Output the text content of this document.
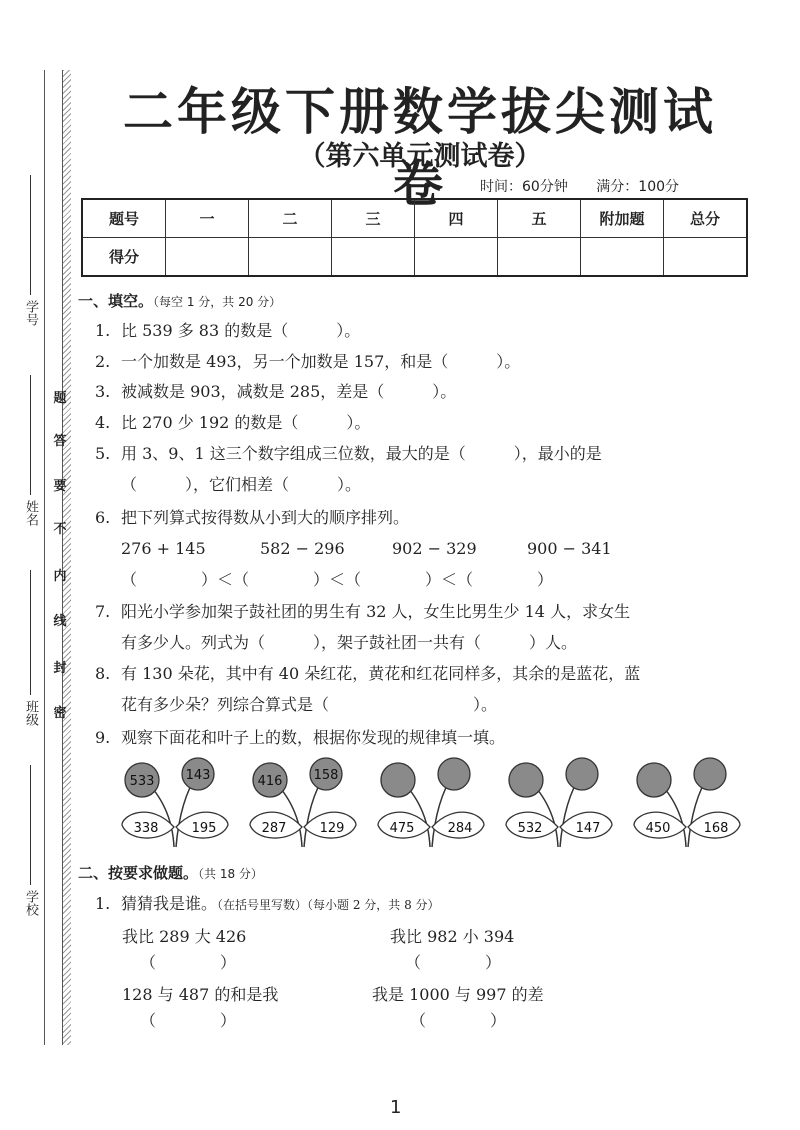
学号
姓名
班级
学校
题
答
要
不
内
线
封
密
二年级下册数学拔尖测试卷
（第六单元测试卷）
时间：60分钟 满分：100分
题号	一	二	三	四	五	附加题	总分
得分							
一、填空。（每空 1 分，共 20 分）
1. 比 539 多 83 的数是（　　　）。
2. 一个加数是 493，另一个加数是 157，和是（　　　）。
3. 被减数是 903，减数是 285，差是（　　　）。
4. 比 270 少 192 的数是（　　　）。
5. 用 3、9、1 这三个数字组成三位数，最大的是（　　　），最小的是
（　　　），它们相差（　　　）。
6. 把下列算式按得数从小到大的顺序排列。
276 + 145	582 − 296	902 − 329	900 − 341
（　　　　）＜（　　　　）＜（　　　　）＜（　　　　）
7. 阳光小学参加架子鼓社团的男生有 32 人，女生比男生少 14 人，求女生
有多少人。列式为（　　　），架子鼓社团一共有（　　　）人。
8. 有 130 朵花，其中有 40 朵红花，黄花和红花同样多，其余的是蓝花，蓝
花有多少朵？列综合算式是（　　　　　　　　　）。
9. 观察下面花和叶子上的数，根据你发现的规律填一填。
533 143
338	195
416 158
287	129	475	284	532	147	450	168
二、按要求做题。（共 18 分）
1. 猜猜我是谁。（在括号里写数）（每小题 2 分，共 8 分）
我比 289 大 426
（　　　　）
我比 982 小 394
（　　　　）
128 与 487 的和是我
（　　　　）
我是 1000 与 997 的差
（　　　　）
1
